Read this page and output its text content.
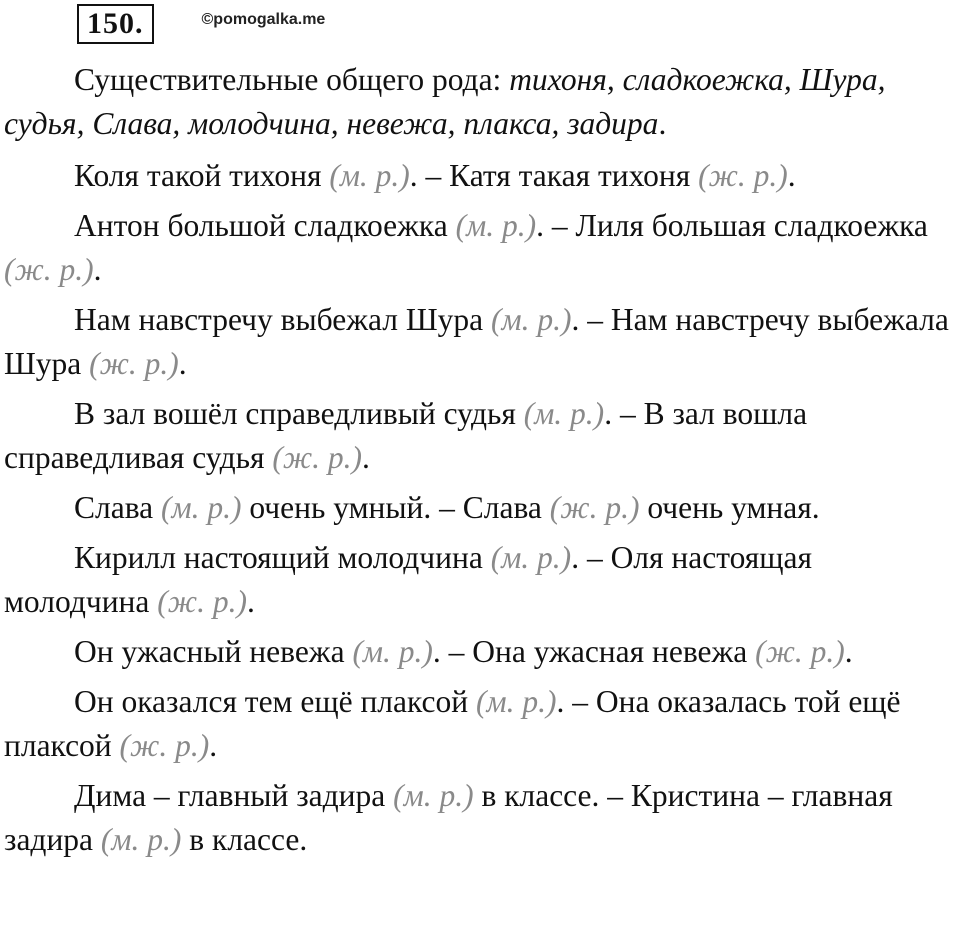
150.	©pomogalka.me

Существительные общего рода: тихоня, сладкоежка, Шура, судья, Слава, молодчина, невежа, плакса, задира.

Коля такой тихоня (м. р.). – Катя такая тихоня (ж. р.).

Антон большой сладкоежка (м. р.). – Лиля большая сладкоежка (ж. р.).

Нам навстречу выбежал Шура (м. р.). – Нам навстречу выбежала Шура (ж. р.).

В зал вошёл справедливый судья (м. р.). – В зал вошла справедливая судья (ж. р.).

Слава (м. р.) очень умный. – Слава (ж. р.) очень умная.

Кирилл настоящий молодчина (м. р.). – Оля настоящая молодчина (ж. р.).

Он ужасный невежа (м. р.). – Она ужасная невежа (ж. р.).

Он оказался тем ещё плаксой (м. р.). – Она оказалась той ещё плаксой (ж. р.).

Дима – главный задира (м. р.) в классе. – Кристина – главная задира (м. р.) в классе.
